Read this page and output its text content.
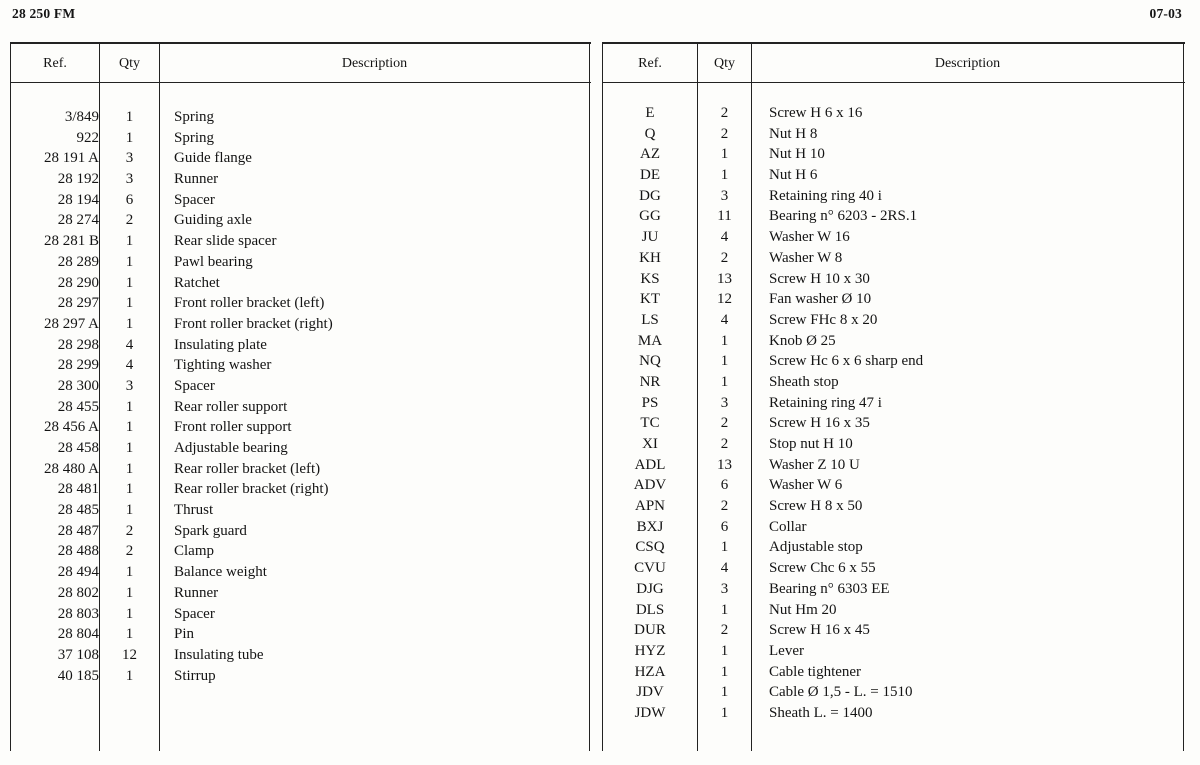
28 250 FM	07-03
Ref.	Qty	Description
3/849	1	Spring
922	1	Spring
28 191 A	3	Guide flange
28 192	3	Runner
28 194	6	Spacer
28 274	2	Guiding axle
28 281 B	1	Rear slide spacer
28 289	1	Pawl bearing
28 290	1	Ratchet
28 297	1	Front roller bracket (left)
28 297 A	1	Front roller bracket (right)
28 298	4	Insulating plate
28 299	4	Tighting washer
28 300	3	Spacer
28 455	1	Rear roller support
28 456 A	1	Front roller support
28 458	1	Adjustable bearing
28 480 A	1	Rear roller bracket (left)
28 481	1	Rear roller bracket (right)
28 485	1	Thrust
28 487	2	Spark guard
28 488	2	Clamp
28 494	1	Balance weight
28 802	1	Runner
28 803	1	Spacer
28 804	1	Pin
37 108	12	Insulating tube
40 185	1	Stirrup
Ref.	Qty	Description
E	2	Screw H 6 x 16
Q	2	Nut H 8
AZ	1	Nut H 10
DE	1	Nut H 6
DG	3	Retaining ring 40 i
GG	11	Bearing n° 6203 - 2RS.1
JU	4	Washer W 16
KH	2	Washer W 8
KS	13	Screw H 10 x 30
KT	12	Fan washer Ø 10
LS	4	Screw FHc 8 x 20
MA	1	Knob Ø 25
NQ	1	Screw Hc 6 x 6 sharp end
NR	1	Sheath stop
PS	3	Retaining ring 47 i
TC	2	Screw H 16 x 35
XI	2	Stop nut H 10
ADL	13	Washer Z 10 U
ADV	6	Washer W 6
APN	2	Screw H 8 x 50
BXJ	6	Collar
CSQ	1	Adjustable stop
CVU	4	Screw Chc 6 x 55
DJG	3	Bearing n° 6303 EE
DLS	1	Nut Hm 20
DUR	2	Screw H 16 x 45
HYZ	1	Lever
HZA	1	Cable tightener
JDV	1	Cable Ø 1,5 - L. = 1510
JDW	1	Sheath L. = 1400
